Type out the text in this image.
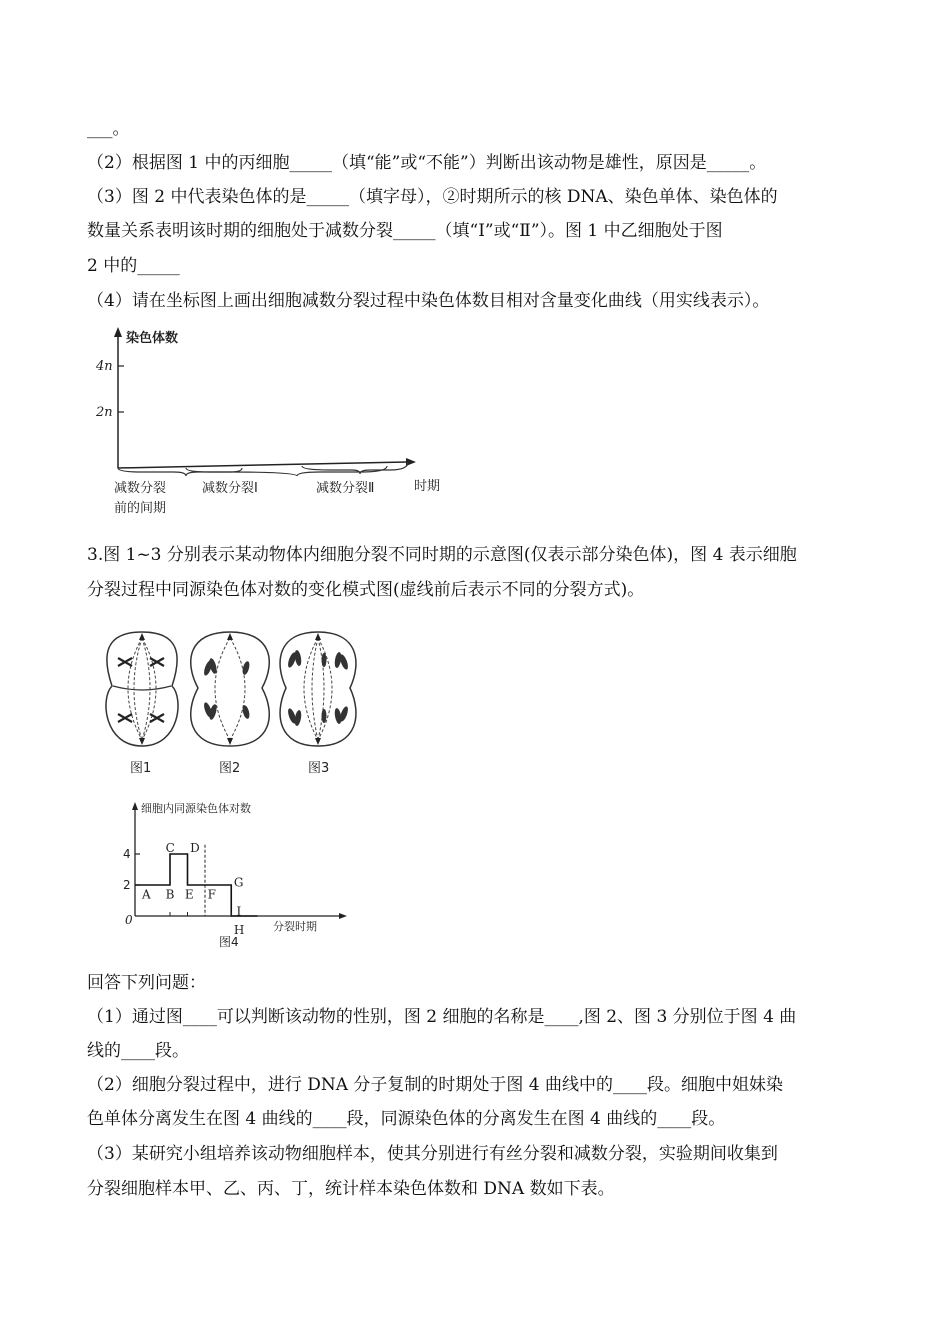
___。
（2）根据图 1 中的丙细胞_____（填“能”或“不能”）判断出该动物是雄性，原因是_____。
（3）图 2 中代表染色体的是_____（填字母），②时期所示的核 DNA、染色单体、染色体的
数量关系表明该时期的细胞处于减数分裂_____（填“Ⅰ”或“Ⅱ”）。图 1 中乙细胞处于图
2 中的_____
（4）请在坐标图上画出细胞减数分裂过程中染色体数目相对含量变化曲线（用实线表示）。
染色体数
4n
2n
减数分裂
前的间期
减数分裂Ⅰ	减数分裂Ⅱ	时期
3.图 1~3 分别表示某动物体内细胞分裂不同时期的示意图(仅表示部分染色体)，图 4 表示细胞
分裂过程中同源染色体对数的变化模式图(虚线前后表示不同的分裂方式)。
图1	图2	图3
细胞内同源染色体对数
分裂时期
0
图4
2
4
A B
C D
E F
G
H
I
回答下列问题：
（1）通过图____可以判断该动物的性别，图 2 细胞的名称是____,图 2、图 3 分别位于图 4 曲
线的____段。
（2）细胞分裂过程中，进行 DNA 分子复制的时期处于图 4 曲线中的____段。细胞中姐妹染
色单体分离发生在图 4 曲线的____段，同源染色体的分离发生在图 4 曲线的____段。
（3）某研究小组培养该动物细胞样本，使其分别进行有丝分裂和减数分裂，实验期间收集到
分裂细胞样本甲、乙、丙、丁，统计样本染色体数和 DNA 数如下表。
